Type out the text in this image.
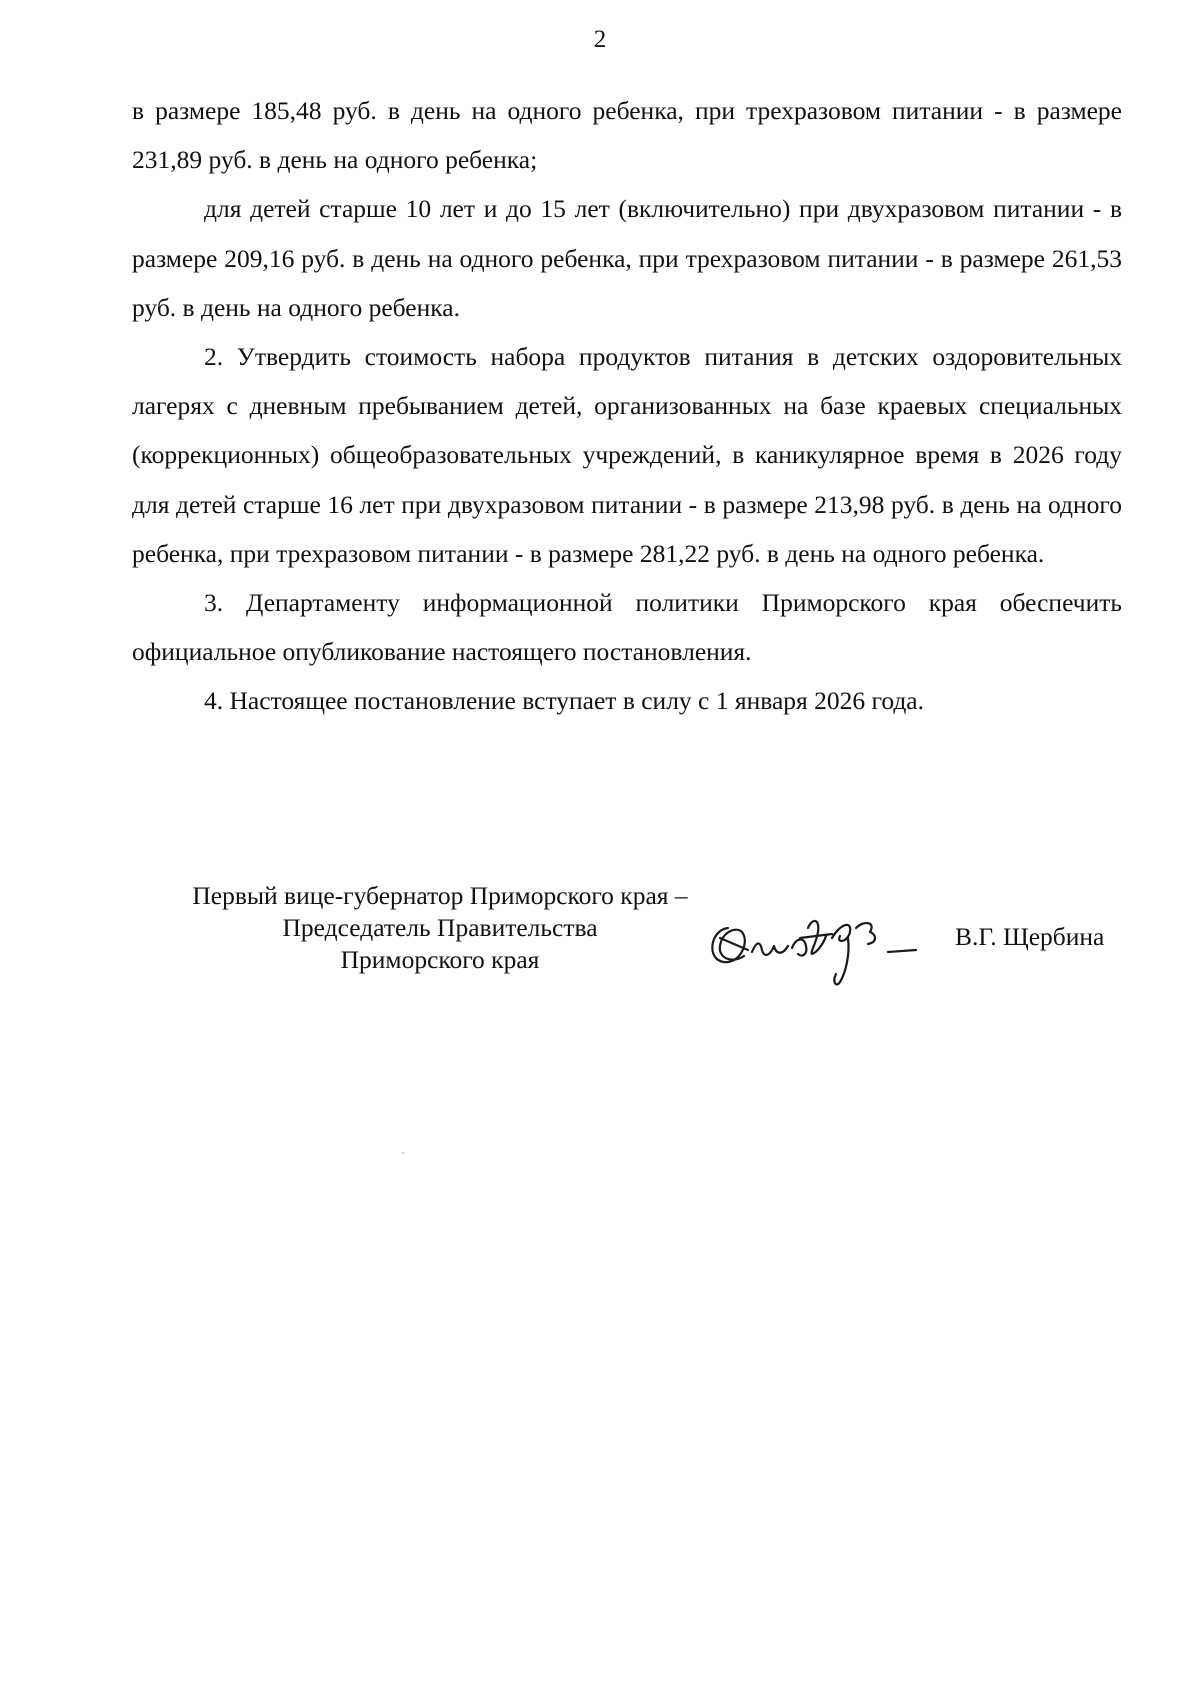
2

в размере 185,48 руб. в день на одного ребенка, при трехразовом питании - в размере 231,89 руб. в день на одного ребенка;

для детей старше 10 лет и до 15 лет (включительно) при двухразовом питании - в размере 209,16 руб. в день на одного ребенка, при трехразовом питании - в размере 261,53 руб. в день на одного ребенка.

2. Утвердить стоимость набора продуктов питания в детских оздоровительных лагерях с дневным пребыванием детей, организованных на базе краевых специальных (коррекционных) общеобразовательных учреждений, в каникулярное время в 2026 году для детей старше 16 лет при двухразовом питании - в размере 213,98 руб. в день на одного ребенка, при трехразовом питании - в размере 281,22 руб. в день на одного ребенка.

3. Департаменту информационной политики Приморского края обеспечить официальное опубликование настоящего постановления.

4. Настоящее постановление вступает в силу с 1 января 2026 года.

Первый вице-губернатор Приморского края –
Председатель Правительства
Приморского края
В.Г. Щербина
